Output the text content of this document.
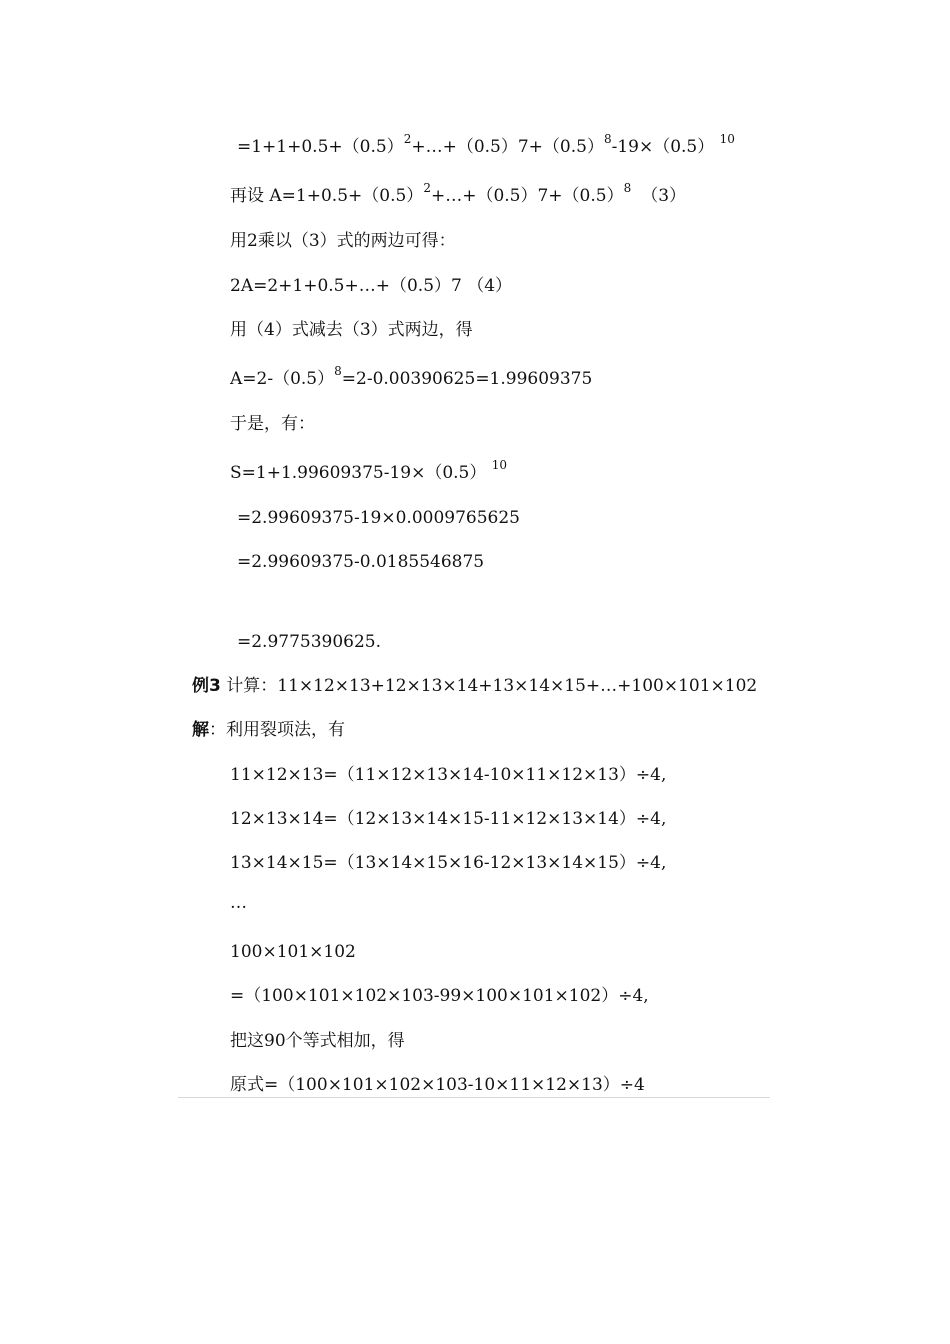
$=1+1+0.5+(0.5)^2+\dots+(0.5)7+(0.5)^8-19\times(0.5)$ $^{10}$
再设 $A=1+0.5+(0.5)^2+\dots+(0.5)7+(0.5)^8$ （3）
用2乘以（3）式的两边可得：
2A=2+1+0.5+…+（0.5）7 （4）
用（4）式减去（3）式两边，得
$A=2-(0.5)^8=2-0.00390625=1.99609375$
于是，有：
S=1+1.99609375-19×（0.5） $^{10}$
=2.99609375-19×0.0009765625
=2.99609375-0.0185546875
=2.9775390625.
例3 计算：11×12×13+12×13×14+13×14×15+…+100×101×102
解：利用裂项法，有
11×12×13=（11×12×13×14-10×11×12×13）÷4,
12×13×14=（12×13×14×15-11×12×13×14）÷4,
13×14×15=（13×14×15×16-12×13×14×15）÷4,
…
100×101×102
=（100×101×102×103-99×100×101×102）÷4,
把这90个等式相加，得
原式=（100×101×102×103-10×11×12×13）÷4
